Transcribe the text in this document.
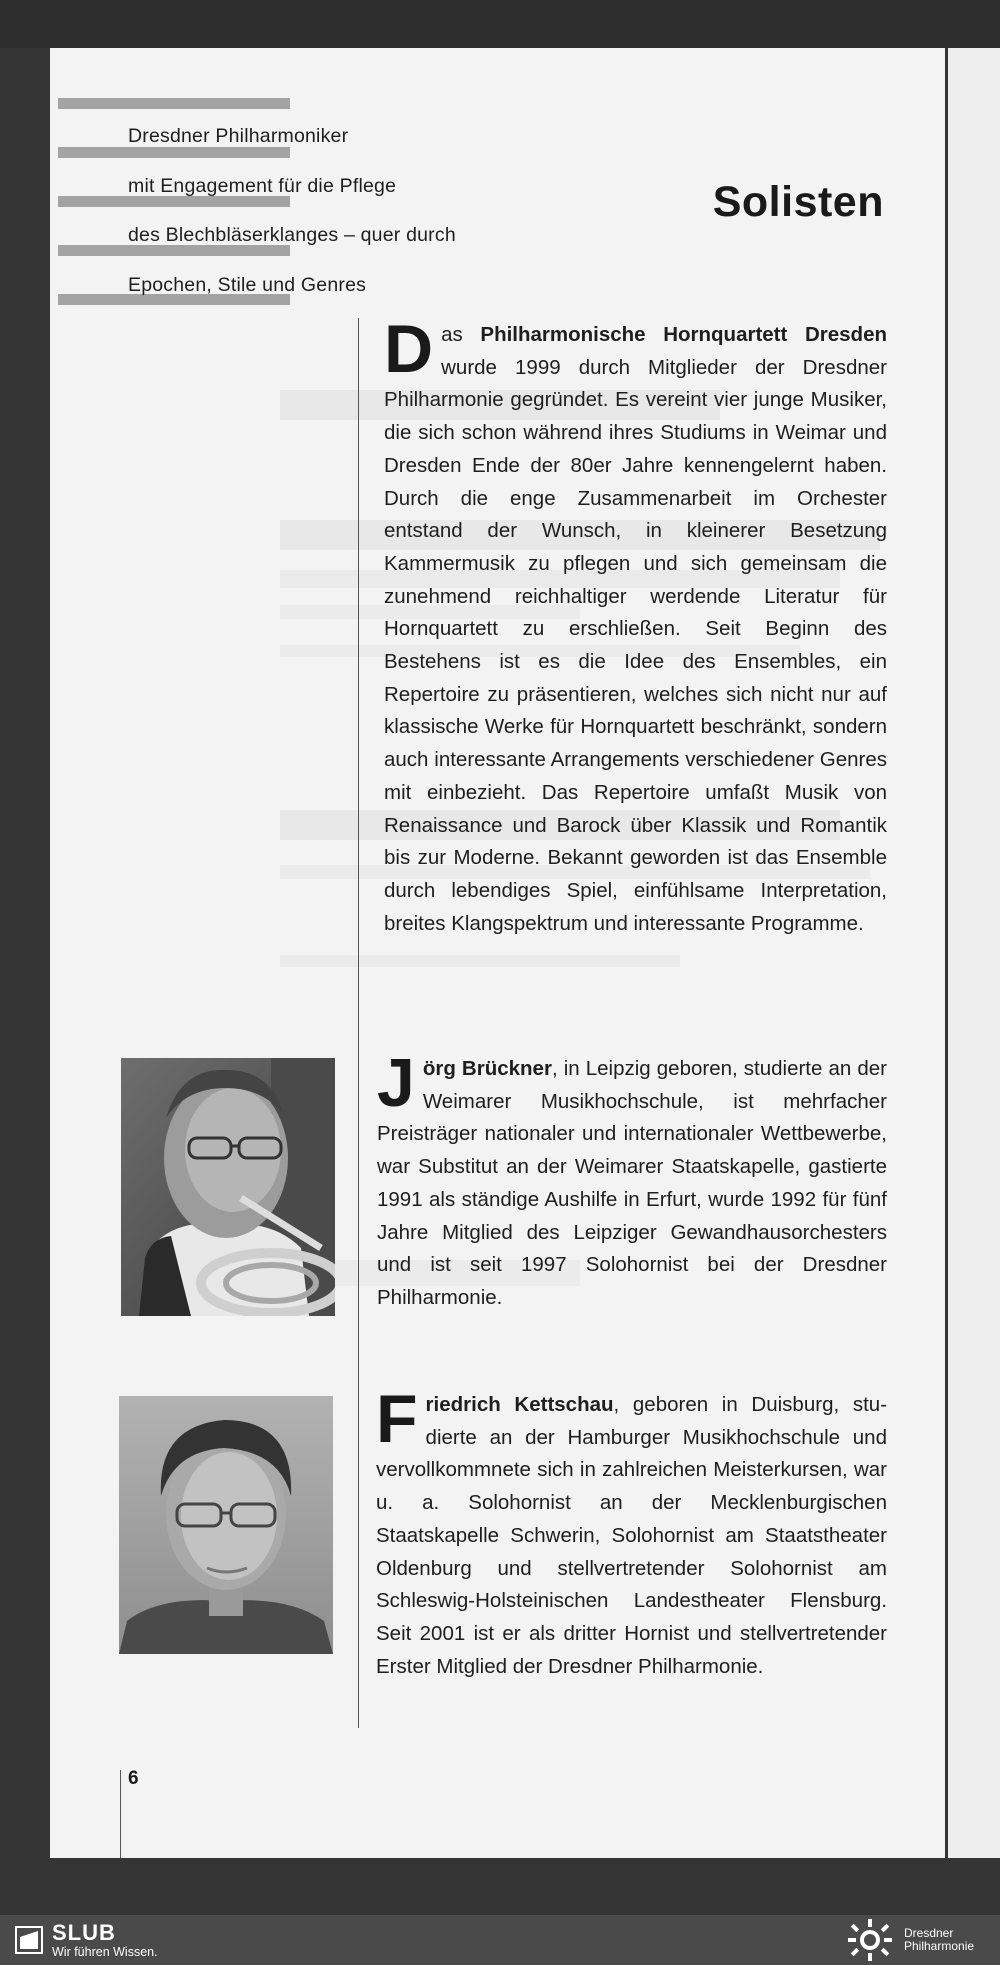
Dresdner Philharmoniker
mit Engagement für die Pflege
des Blechbläserklanges – quer durch
Epochen, Stile und Genres
Solisten

Das Philharmonische Hornquartett Dresden wurde 1999 durch Mitglieder der Dresdner Philharmonie gegründet. Es vereint vier junge Musiker, die sich schon während ihres Studiums in Weimar und Dresden Ende der 80er Jahre kennengelernt haben. Durch die enge Zusammenarbeit im Orchester entstand der Wunsch, in kleinerer Besetzung Kammermusik zu pflegen und sich gemeinsam die zunehmend reichhaltiger werdende Literatur für Hornquartett zu erschließen. Seit Beginn des Bestehens ist es die Idee des Ensembles, ein Repertoire zu präsentieren, welches sich nicht nur auf klassische Werke für Hornquartett beschränkt, sondern auch interessante Arrangements verschiedener Genres mit einbezieht. Das Repertoire umfaßt Musik von Renaissance und Barock über Klassik und Romantik bis zur Moderne. Bekannt geworden ist das Ensemble durch lebendiges Spiel, einfühlsame Interpretation, breites Klangspektrum und interessante Programme.

Jörg Brückner, in Leipzig geboren, studierte an der Weimarer Musikhochschule, ist mehrfacher Preisträger nationaler und internationaler Wettbewerbe, war Substitut an der Weimarer Staatskapelle, gastierte 1991 als ständige Aushilfe in Erfurt, wurde 1992 für fünf Jahre Mitglied des Leipziger Gewandhausorchesters und ist seit 1997 Solohornist bei der Dresdner Philharmonie.

Friedrich Kettschau, geboren in Duisburg, studierte an der Hamburger Musikhochschule und vervollkommnete sich in zahlreichen Meisterkursen, war u. a. Solohornist an der Mecklenburgischen Staatskapelle Schwerin, Solohornist am Staatstheater Oldenburg und stellvertretender Solohornist am Schleswig-Holsteinischen Landestheater Flensburg. Seit 2001 ist er als dritter Hornist und stellvertretender Erster Mitglied der Dresdner Philharmonie.

6
SLUB
Wir führen Wissen.
Dresdner
Philharmonie
